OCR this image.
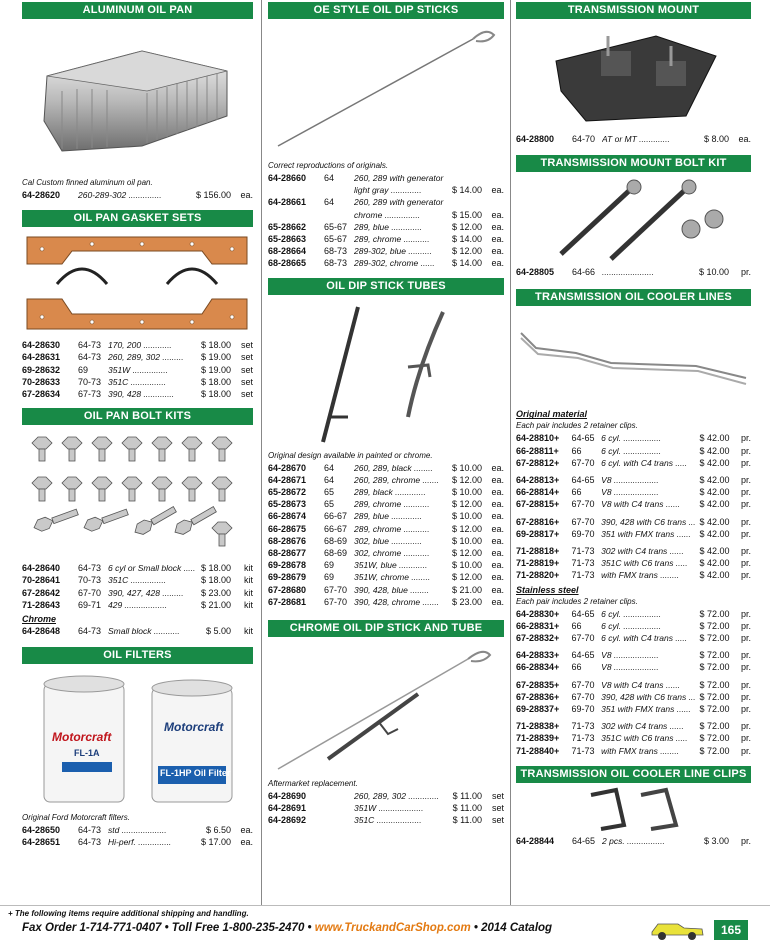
ALUMINUM OIL PAN
Cal Custom finned aluminum oil pan.
64-28620	260-289-302 ..............	$ 156.00	ea.
OIL PAN GASKET SETS
64-28630	64-73	170, 200 ............	$ 18.00	set
64-28631	64-73	260, 289, 302 .........	$ 19.00	set
69-28632	69	351W ...............	$ 19.00	set
70-28633	70-73	351C ...............	$ 18.00	set
67-28634	67-73	390, 428 .............	$ 18.00	set
OIL PAN BOLT KITS
64-28640	64-73	6 cyl or Small block .....	$ 18.00	kit
70-28641	70-73	351C ...............	$ 18.00	kit
67-28642	67-70	390, 427, 428 .........	$ 23.00	kit
71-28643	69-71	429 ..................	$ 21.00	kit
Chrome
64-28648	64-73	Small block ...........	$ 5.00	kit
OIL FILTERS
Motorcraft
FL-1A
Motorcraft
FL-1HP Oil Filter
Original Ford Motorcraft filters.
64-28650	64-73	std ...................	$ 6.50	ea.
64-28651	64-73	Hi-perf. ..............	$ 17.00	ea.
OE STYLE OIL DIP STICKS
Correct reproductions of originals.
64-28660	64	260, 289 with generator		
		light gray .............	$ 14.00	ea.
64-28661	64	260, 289 with generator		
		chrome ...............	$ 15.00	ea.
65-28662	65-67	289, blue .............	$ 12.00	ea.
65-28663	65-67	289, chrome ...........	$ 14.00	ea.
68-28664	68-73	289-302, blue ..........	$ 12.00	ea.
68-28665	68-73	289-302, chrome ......	$ 14.00	ea.
OIL DIP STICK TUBES
Original design available in painted or chrome.
64-28670	64	260, 289, black ........	$ 10.00	ea.
64-28671	64	260, 289, chrome .......	$ 12.00	ea.
65-28672	65	289, black .............	$ 10.00	ea.
65-28673	65	289, chrome ...........	$ 12.00	ea.
66-28674	66-67	289, blue .............	$ 10.00	ea.
66-28675	66-67	289, chrome ...........	$ 12.00	ea.
68-28676	68-69	302, blue .............	$ 10.00	ea.
68-28677	68-69	302, chrome ...........	$ 12.00	ea.
69-28678	69	351W, blue ............	$ 10.00	ea.
69-28679	69	351W, chrome ........	$ 12.00	ea.
67-28680	67-70	390, 428, blue ........	$ 21.00	ea.
67-28681	67-70	390, 428, chrome .......	$ 23.00	ea.
CHROME OIL DIP STICK AND TUBE
Aftermarket replacement.
64-28690		260, 289, 302 .............	$ 11.00	set
64-28691		351W ...................	$ 11.00	set
64-28692		351C ...................	$ 11.00	set
TRANSMISSION MOUNT
64-28800	64-70	AT or MT .............	$ 8.00	ea.
TRANSMISSION MOUNT BOLT KIT
64-28805	64-66	......................	$ 10.00	pr.
TRANSMISSION OIL COOLER LINES
Original material
Each pair includes 2 retainer clips.
64-28810+	64-65	6 cyl. ................	$ 42.00	pr.
66-28811+	66	6 cyl. ................	$ 42.00	pr.
67-28812+	67-70	6 cyl. with C4 trans .....	$ 42.00	pr.

64-28813+	64-65	V8 ...................	$ 42.00	pr.
66-28814+	66	V8 ...................	$ 42.00	pr.
67-28815+	67-70	V8 with C4 trans ......	$ 42.00	pr.

67-28816+	67-70	390, 428 with C6 trans ...	$ 42.00	pr.
69-28817+	69-70	351 with FMX trans ......	$ 42.00	pr.

71-28818+	71-73	302 with C4 trans ......	$ 42.00	pr.
71-28819+	71-73	351C with C6 trans .....	$ 42.00	pr.
71-28820+	71-73	with FMX trans ........	$ 42.00	pr.
Stainless steel
Each pair includes 2 retainer clips.
64-28830+	64-65	6 cyl. ................	$ 72.00	pr.
66-28831+	66	6 cyl. ................	$ 72.00	pr.
67-28832+	67-70	6 cyl. with C4 trans .....	$ 72.00	pr.

64-28833+	64-65	V8 ...................	$ 72.00	pr.
66-28834+	66	V8 ...................	$ 72.00	pr.

67-28835+	67-70	V8 with C4 trans ......	$ 72.00	pr.
67-28836+	67-70	390, 428 with C6 trans ...	$ 72.00	pr.
69-28837+	69-70	351 with FMX trans ......	$ 72.00	pr.

71-28838+	71-73	302 with C4 trans ......	$ 72.00	pr.
71-28839+	71-73	351C with C6 trans .....	$ 72.00	pr.
71-28840+	71-73	with FMX trans ........	$ 72.00	pr.
TRANSMISSION OIL COOLER LINE CLIPS
64-28844	64-65	2 pcs. ................	$ 3.00	pr.
+ The following items require additional shipping and handling.
Fax Order 1-714-771-0407 • Toll Free 1-800-235-2470 • www.TruckandCarShop.com • 2014 Catalog	165
